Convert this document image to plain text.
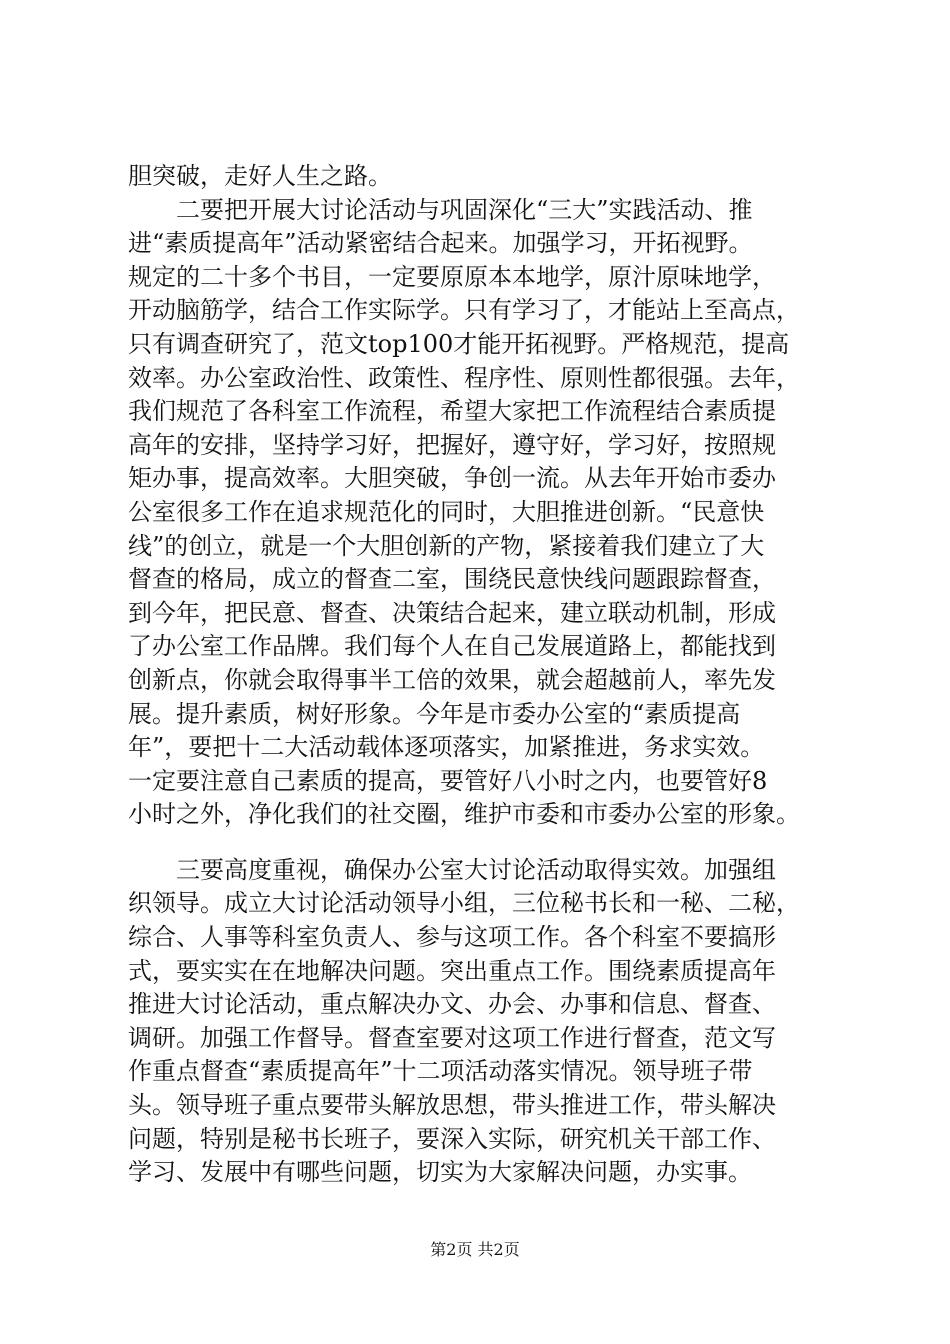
胆突破，走好人生之路。
　　二要把开展大讨论活动与巩固深化“三大”实践活动、推
进“素质提高年”活动紧密结合起来。加强学习，开拓视野。
规定的二十多个书目，一定要原原本本地学，原汁原味地学，
开动脑筋学，结合工作实际学。只有学习了，才能站上至高点，
只有调查研究了，范文top100才能开拓视野。严格规范，提高
效率。办公室政治性、政策性、程序性、原则性都很强。去年，
我们规范了各科室工作流程，希望大家把工作流程结合素质提
高年的安排，坚持学习好，把握好，遵守好，学习好，按照规
矩办事，提高效率。大胆突破，争创一流。从去年开始市委办
公室很多工作在追求规范化的同时，大胆推进创新。“民意快
线”的创立，就是一个大胆创新的产物，紧接着我们建立了大
督查的格局，成立的督查二室，围绕民意快线问题跟踪督查，
到今年，把民意、督查、决策结合起来，建立联动机制，形成
了办公室工作品牌。我们每个人在自己发展道路上，都能找到
创新点，你就会取得事半工倍的效果，就会超越前人，率先发
展。提升素质，树好形象。今年是市委办公室的“素质提高
年”，要把十二大活动载体逐项落实，加紧推进，务求实效。
一定要注意自己素质的提高，要管好八小时之内，也要管好8
小时之外，净化我们的社交圈，维护市委和市委办公室的形象。
　　三要高度重视，确保办公室大讨论活动取得实效。加强组
织领导。成立大讨论活动领导小组，三位秘书长和一秘、二秘，
综合、人事等科室负责人、参与这项工作。各个科室不要搞形
式，要实实在在地解决问题。突出重点工作。围绕素质提高年
推进大讨论活动，重点解决办文、办会、办事和信息、督查、
调研。加强工作督导。督查室要对这项工作进行督查，范文写
作重点督查“素质提高年”十二项活动落实情况。领导班子带
头。领导班子重点要带头解放思想，带头推进工作，带头解决
问题，特别是秘书长班子，要深入实际，研究机关干部工作、
学习、发展中有哪些问题，切实为大家解决问题，办实事。
第2页 共2页
